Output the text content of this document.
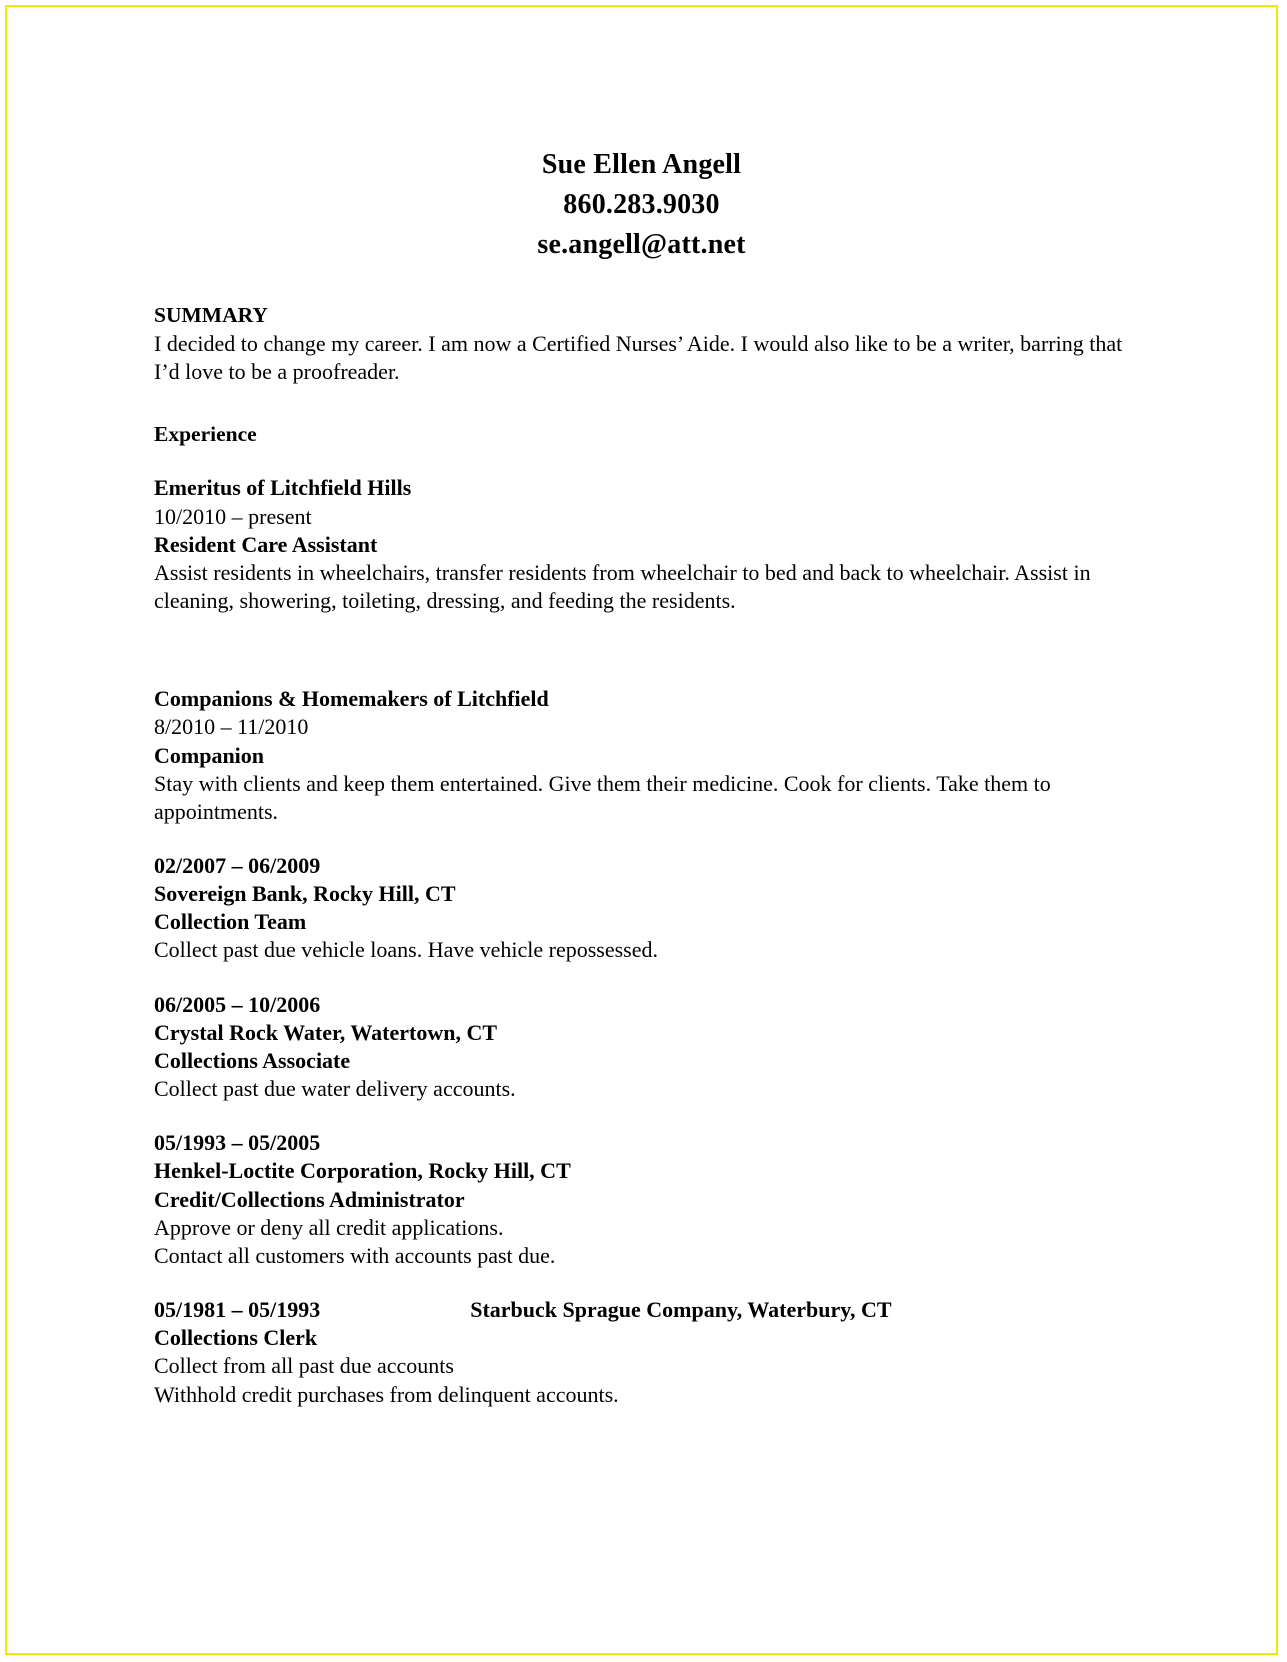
Sue Ellen Angell
860.283.9030
se.angell@att.net
SUMMARY

I decided to change my career. I am now a Certified Nurses’ Aide. I would also like to be a writer, barring that I’d love to be a proofreader.

Experience
Emeritus of Litchfield Hills
10/2010 – present
Resident Care Assistant

Assist residents in wheelchairs, transfer residents from wheelchair to bed and back to wheelchair. Assist in cleaning, showering, toileting, dressing, and feeding the residents.

Companions & Homemakers of Litchfield
8/2010 – 11/2010
Companion

Stay with clients and keep them entertained. Give them their medicine. Cook for clients. Take them to appointments.

02/2007 – 06/2009
Sovereign Bank, Rocky Hill, CT
Collection Team

Collect past due vehicle loans. Have vehicle repossessed.

06/2005 – 10/2006
Crystal Rock Water, Watertown, CT
Collections Associate

Collect past due water delivery accounts.

05/1993 – 05/2005
Henkel-Loctite Corporation, Rocky Hill, CT
Credit/Collections Administrator

Approve or deny all credit applications.

Contact all customers with accounts past due.

05/1981 – 05/1993	Starbuck Sprague Company, Waterbury, CT
Collections Clerk

Collect from all past due accounts

Withhold credit purchases from delinquent accounts.
